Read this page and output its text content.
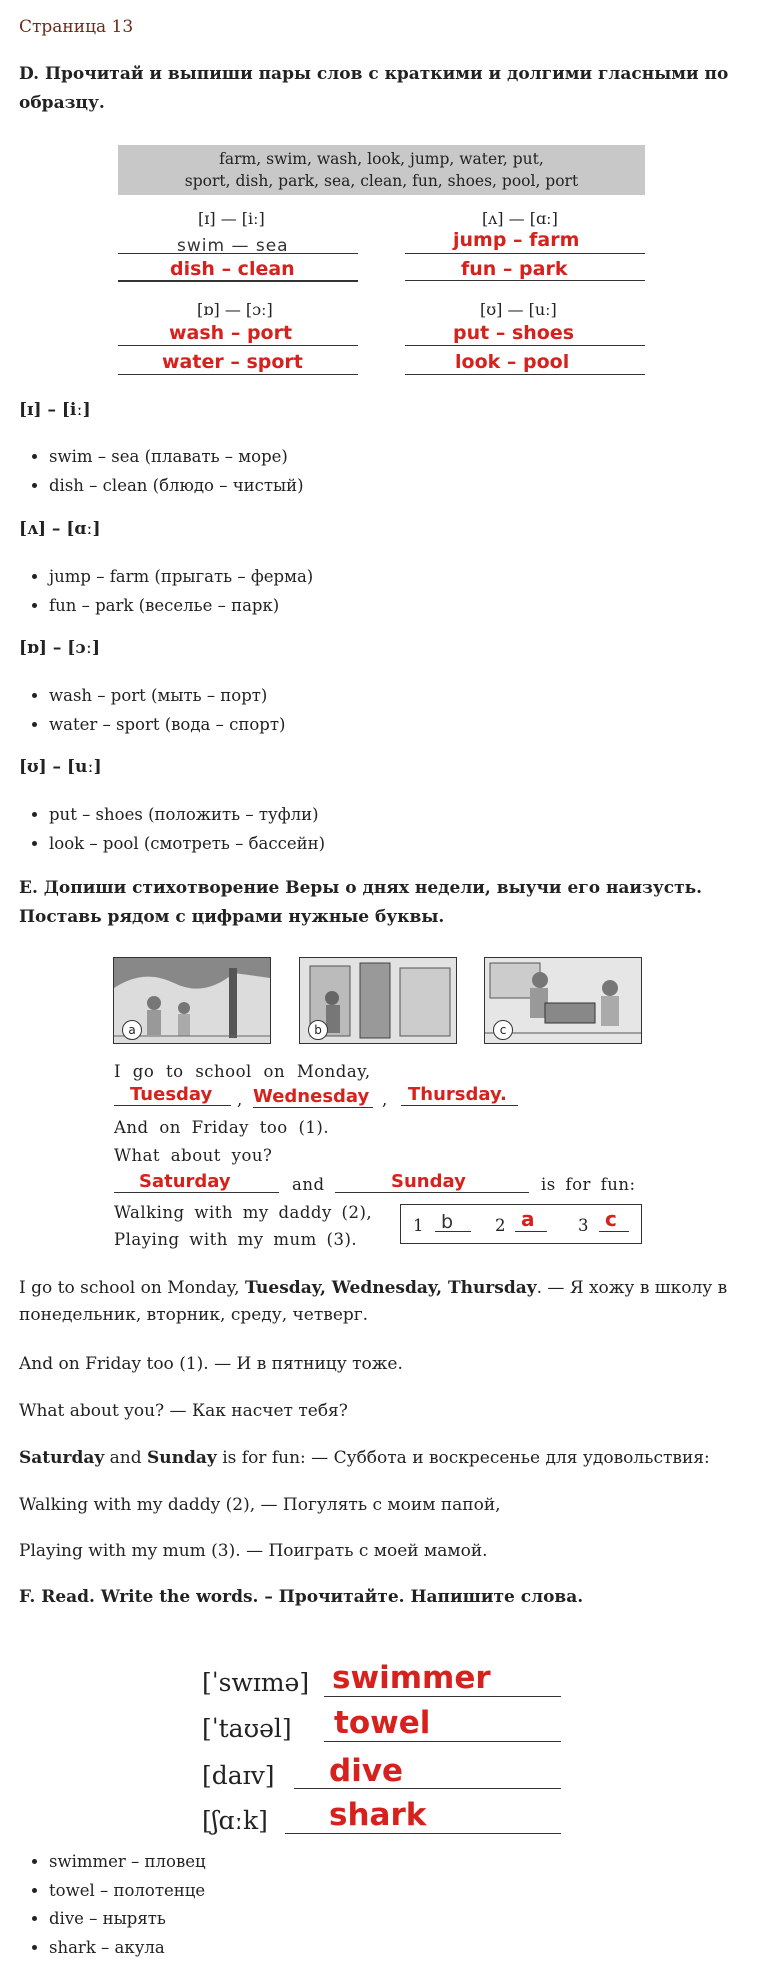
Страница 13
D. Прочитай и выпиши пары слов с краткими и долгими гласными по образцу.
farm, swim, wash, look, jump, water, put,
sport, dish, park, sea, clean, fun, shoes, pool, port
[ɪ] — [iː]
swim — sea
dish – clean
[ʌ] — [ɑː]
jump – farm
fun – park
[ɒ] — [ɔː]
wash – port
water – sport
[ʊ] — [uː]
put – shoes
look – pool
[ɪ] – [iː]
• swim – sea (плавать – море)
• dish – clean (блюдо – чистый)
[ʌ] – [ɑː]
• jump – farm (прыгать – ферма)
• fun – park (веселье – парк)
[ɒ] – [ɔː]
• wash – port (мыть – порт)
• water – sport (вода – спорт)
[ʊ] – [uː]
• put – shoes (положить – туфли)
• look – pool (смотреть – бассейн)
E. Допиши стихотворение Веры о днях недели, выучи его наизусть. Поставь рядом с цифрами нужные буквы.
a	b	c
I go to school on Monday,
Tuesday , Wednesday , Thursday.
And on Friday too (1).
What about you?
Saturday	and	Sunday	is for fun:
Walking with my daddy (2),
Playing with my mum (3).
1 b	2 a	3 c
I go to school on Monday, Tuesday, Wednesday, Thursday. — Я хожу в школу в понедельник, вторник, среду, четверг.
And on Friday too (1). — И в пятницу тоже.
What about you? — Как насчет тебя?
Saturday and Sunday is for fun: — Суббота и воскресенье для удовольствия:
Walking with my daddy (2), — Погулять с моим папой,
Playing with my mum (3). — Поиграть с моей мамой.
F. Read. Write the words. – Прочитайте. Напишите слова.
[ˈswɪmə] swimmer
[ˈtaʊəl] towel
[daɪv] dive
[ʃɑːk] shark
• swimmer – пловец
• towel – полотенце
• dive – нырять
• shark – акула
